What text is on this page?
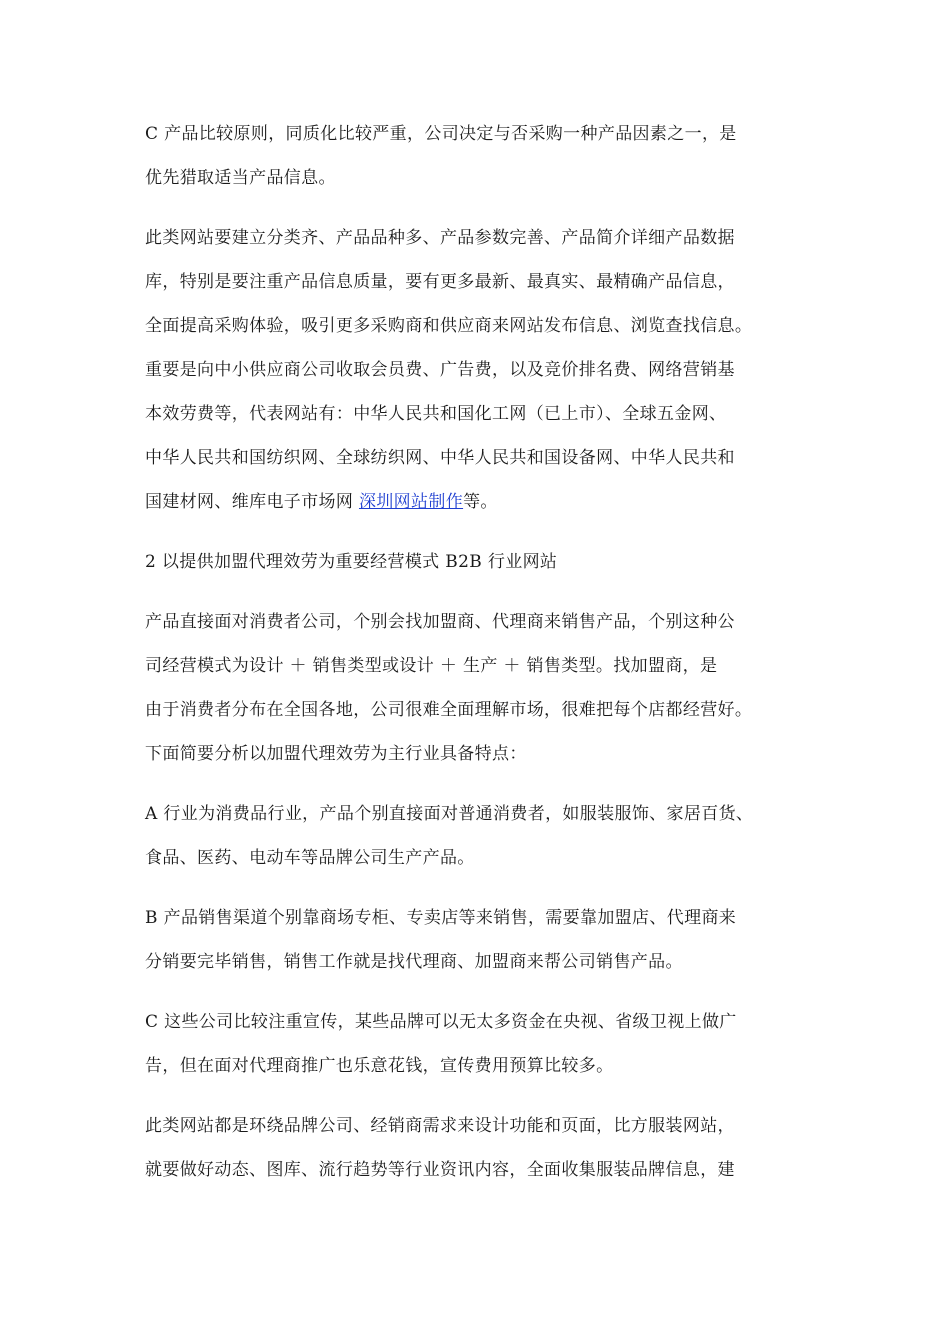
C 产品比较原则，同质化比较严重，公司决定与否采购一种产品因素之一，是
优先猎取适当产品信息。

此类网站要建立分类齐、产品品种多、产品参数完善、产品简介详细产品数据
库，特别是要注重产品信息质量，要有更多最新、最真实、最精确产品信息，
全面提高采购体验，吸引更多采购商和供应商来网站发布信息、浏览查找信息。
重要是向中小供应商公司收取会员费、广告费，以及竞价排名费、网络营销基
本效劳费等，代表网站有：中华人民共和国化工网（已上市）、全球五金网、
中华人民共和国纺织网、全球纺织网、中华人民共和国设备网、中华人民共和
国建材网、维库电子市场网 深圳网站制作等。

2 以提供加盟代理效劳为重要经营模式 B2B 行业网站

产品直接面对消费者公司，个别会找加盟商、代理商来销售产品，个别这种公
司经营模式为设计 ＋ 销售类型或设计 ＋ 生产 ＋ 销售类型。找加盟商，是
由于消费者分布在全国各地，公司很难全面理解市场，很难把每个店都经营好。
下面简要分析以加盟代理效劳为主行业具备特点：

A 行业为消费品行业，产品个别直接面对普通消费者，如服装服饰、家居百货、
食品、医药、电动车等品牌公司生产产品。

B 产品销售渠道个别靠商场专柜、专卖店等来销售，需要靠加盟店、代理商来
分销要完毕销售，销售工作就是找代理商、加盟商来帮公司销售产品。

C 这些公司比较注重宣传，某些品牌可以无太多资金在央视、省级卫视上做广
告，但在面对代理商推广也乐意花钱，宣传费用预算比较多。

此类网站都是环绕品牌公司、经销商需求来设计功能和页面，比方服装网站，
就要做好动态、图库、流行趋势等行业资讯内容，全面收集服装品牌信息，建
